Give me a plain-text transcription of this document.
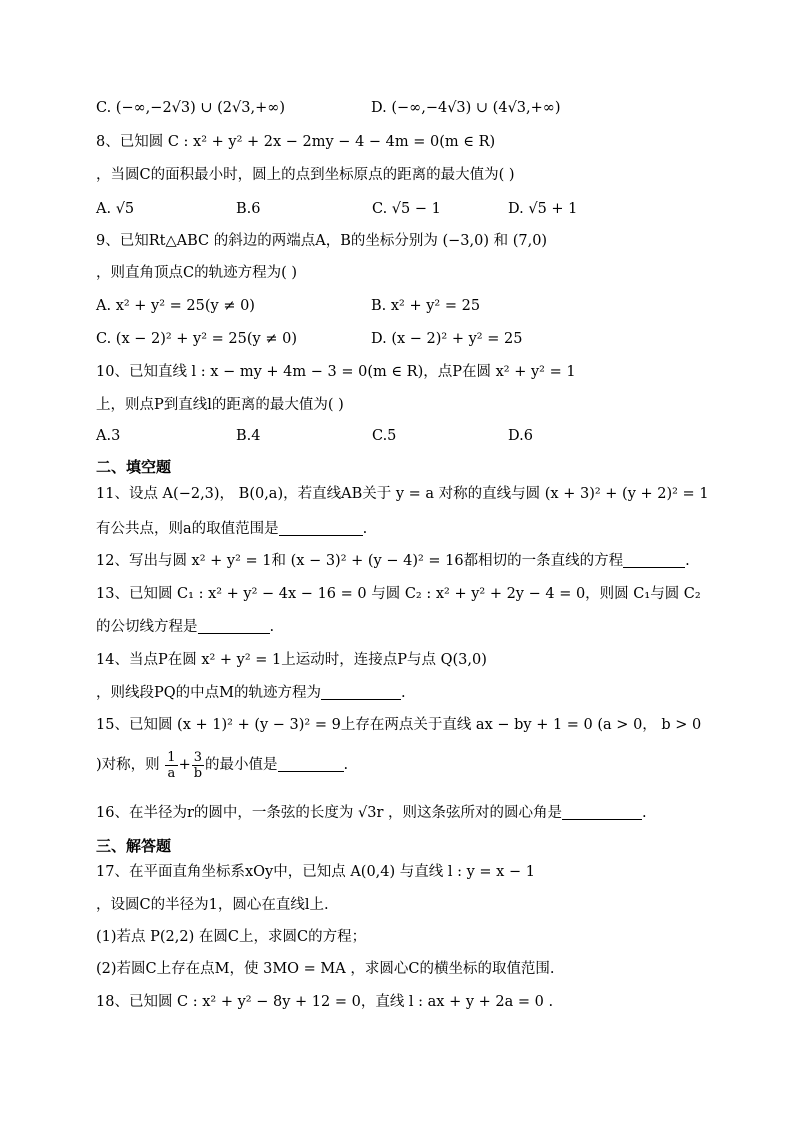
C. (−∞,−2√3) ∪ (2√3,+∞)	D. (−∞,−4√3) ∪ (4√3,+∞)
8、已知圆 C : x² + y² + 2x − 2my − 4 − 4m = 0(m ∈ R)
，当圆C的面积最小时，圆上的点到坐标原点的距离的最大值为( )
A. √5	B.6	C. √5 − 1	D. √5 + 1
9、已知Rt△ABC 的斜边的两端点A，B的坐标分别为 (−3,0) 和 (7,0)
，则直角顶点C的轨迹方程为( )
A. x² + y² = 25(y ≠ 0)	B. x² + y² = 25
C. (x − 2)² + y² = 25(y ≠ 0)	D. (x − 2)² + y² = 25
10、已知直线 l : x − my + 4m − 3 = 0(m ∈ R)，点P在圆 x² + y² = 1
上，则点P到直线l的距离的最大值为( )
A.3	B.4	C.5	D.6
二、填空题
11、设点 A(−2,3)， B(0,a)，若直线AB关于 y = a 对称的直线与圆 (x + 3)² + (y + 2)² = 1
有公共点，则a的取值范围是	.
12、写出与圆 x² + y² = 1和 (x − 3)² + (y − 4)² = 16都相切的一条直线的方程	.
13、已知圆 C₁ : x² + y² − 4x − 16 = 0 与圆 C₂ : x² + y² + 2y − 4 = 0，则圆 C₁与圆 C₂
的公切线方程是	.
14、当点P在圆 x² + y² = 1上运动时，连接点P与点 Q(3,0)
，则线段PQ的中点M的轨迹方程为	.
15、已知圆 (x + 1)² + (y − 3)² = 9上存在两点关于直线 ax − by + 1 = 0 (a > 0， b > 0
)对称，则 $\frac{1}{a} + \frac{3}{b}$ 的最小值是	.
16、在半径为r的圆中，一条弦的长度为 √3r ，则这条弦所对的圆心角是	.
三、解答题
17、在平面直角坐标系xOy中，已知点 A(0,4) 与直线 l : y = x − 1
，设圆C的半径为1，圆心在直线l上.
(1)若点 P(2,2) 在圆C上，求圆C的方程；
(2)若圆C上存在点M，使 3MO = MA ，求圆心C的横坐标的取值范围.
18、已知圆 C : x² + y² − 8y + 12 = 0，直线 l : ax + y + 2a = 0 .
